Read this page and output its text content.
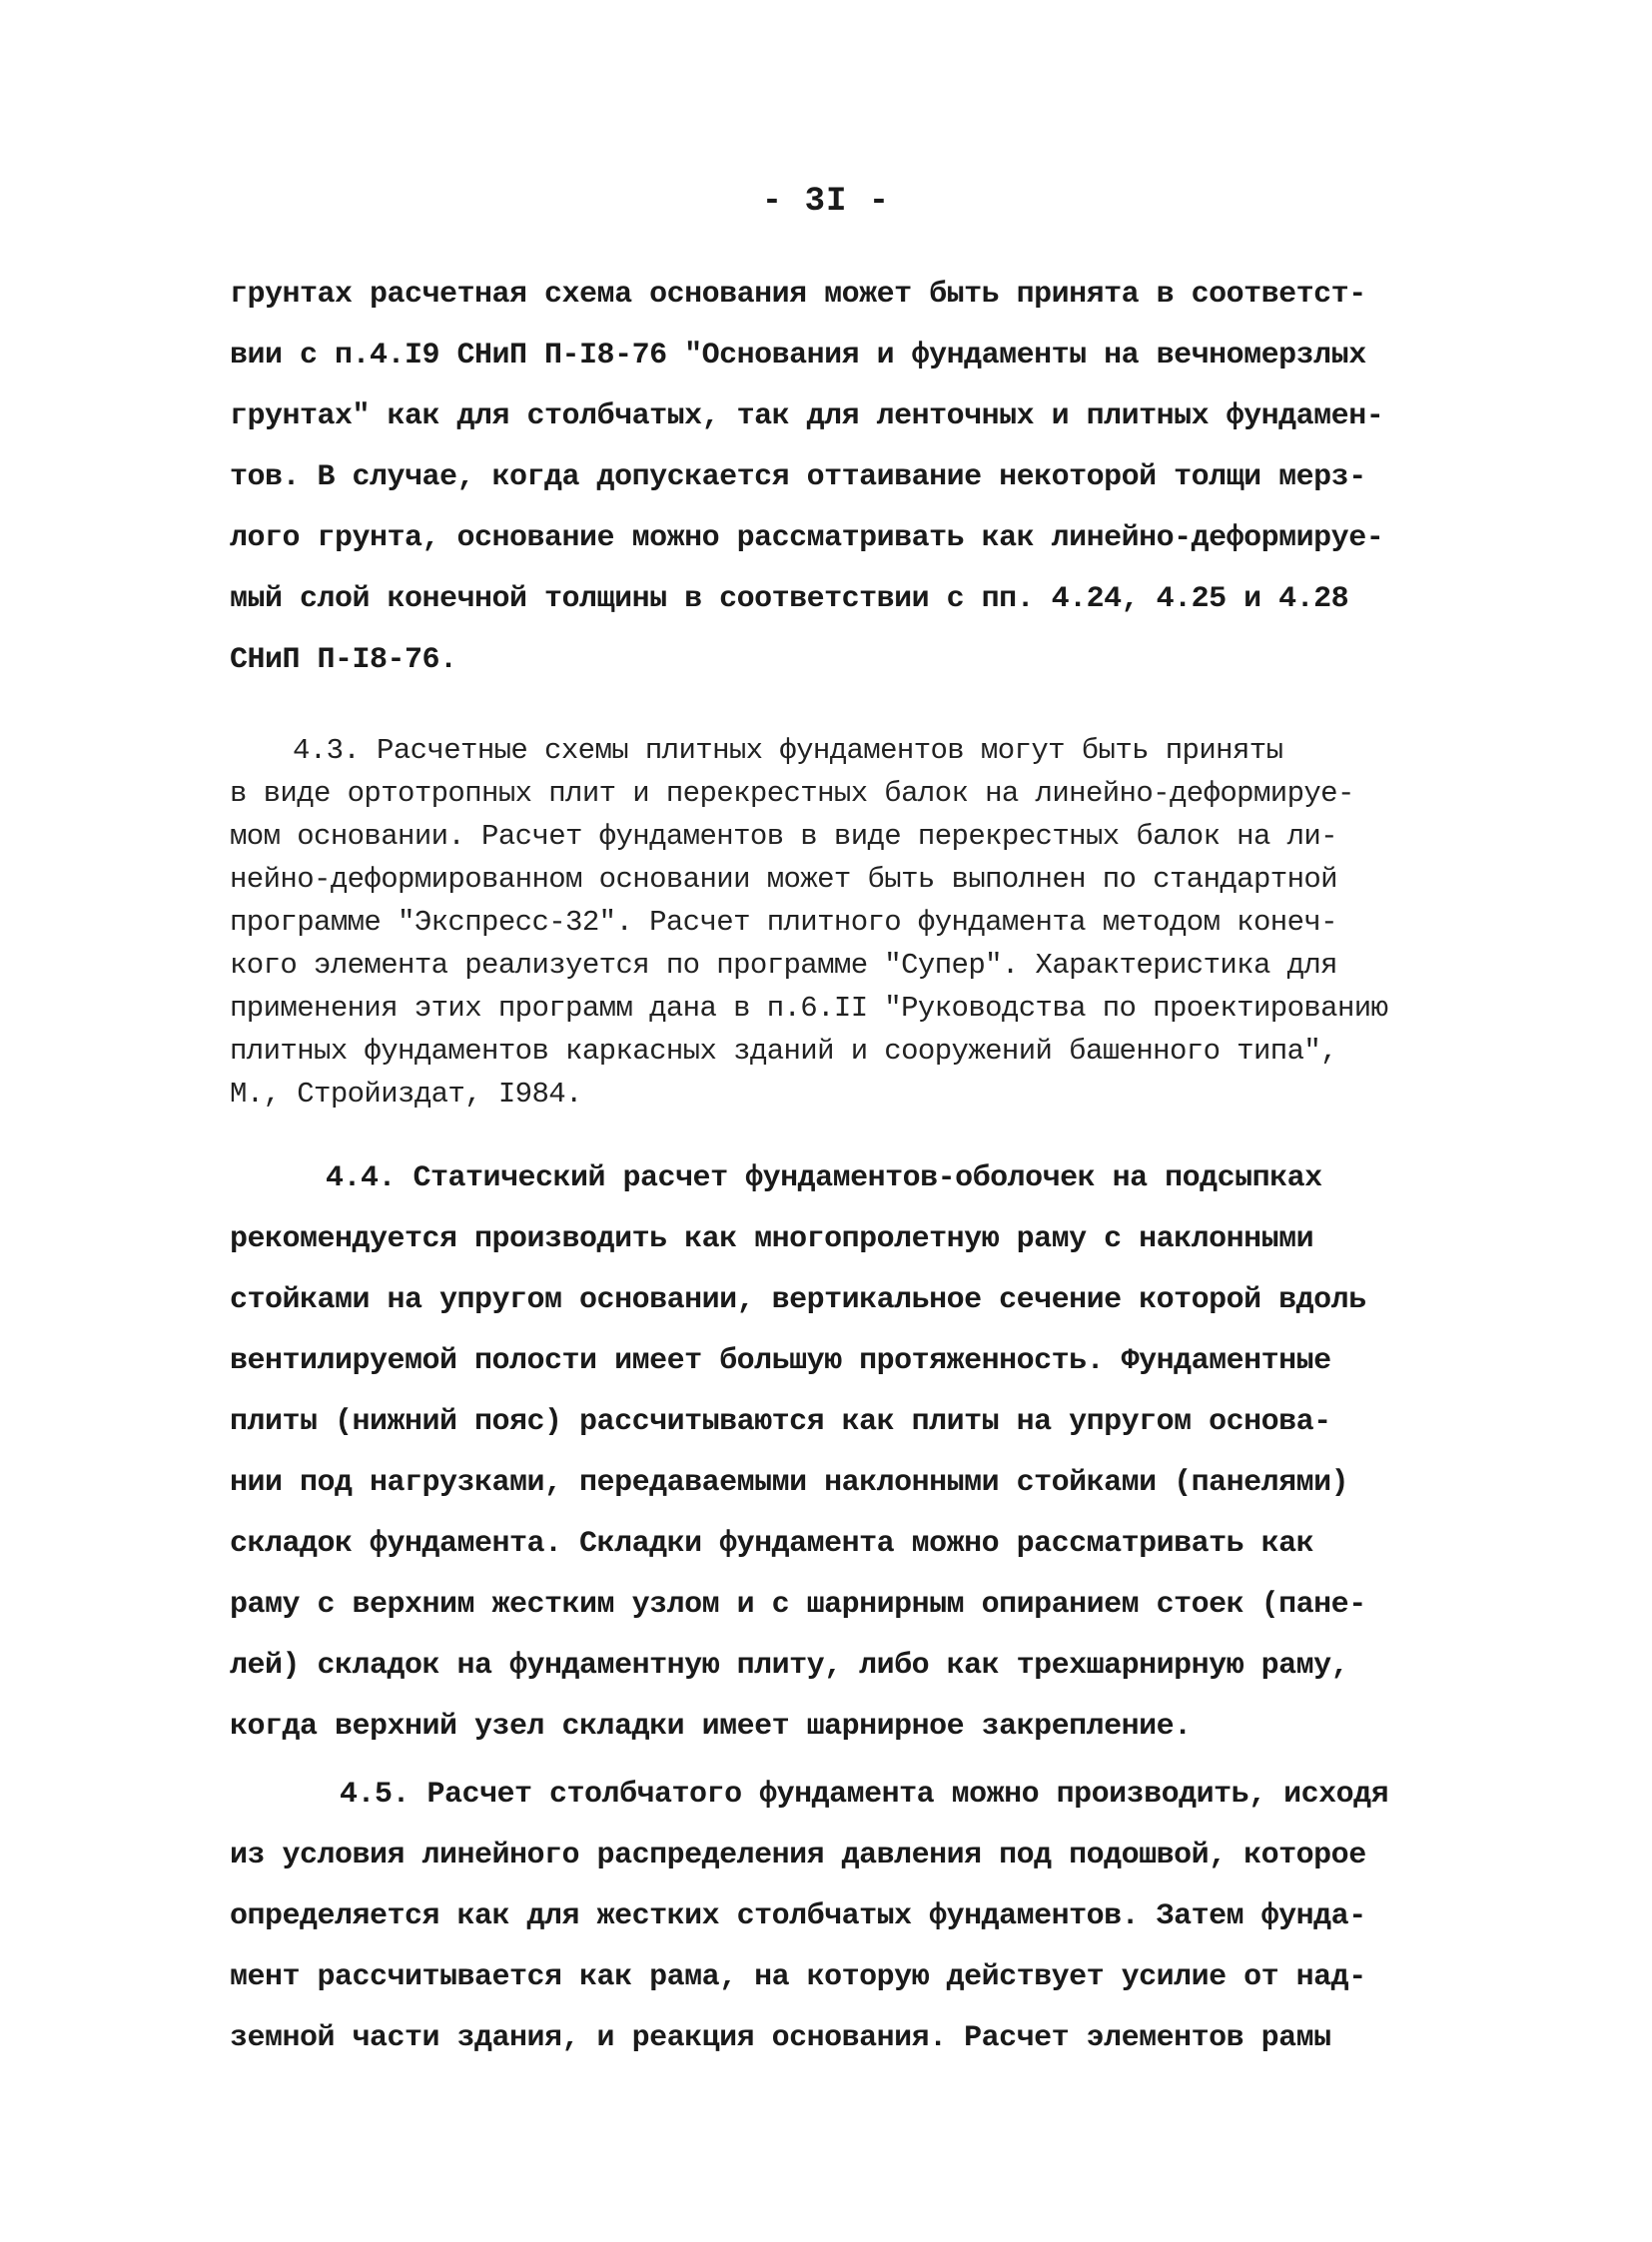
- 3I -
грунтах расчетная схема основания может быть принята в соответст-
вии с п.4.I9 СНиП П-I8-76 "Основания и фундаменты на вечномерзлых
грунтах" как для столбчатых, так для ленточных и плитных фундамен-
тов. В случае, когда допускается оттаивание некоторой толщи мерз-
лого грунта, основание можно рассматривать как линейно-деформируе-
мый слой конечной толщины в соответствии с пп. 4.24, 4.25 и 4.28
СНиП П-I8-76.
4.3. Расчетные схемы плитных фундаментов могут быть приняты
в виде ортотропных плит и перекрестных балок на линейно-деформируе-
мом основании. Расчет фундаментов в виде перекрестных балок на ли-
нейно-деформированном основании может быть выполнен по стандартной
программе "Экспресс-32". Расчет плитного фундамента методом конеч-
кого элемента реализуется по программе "Супер". Характеристика для
применения этих программ дана в п.6.II "Руководства по проектированию
плитных фундаментов каркасных зданий и сооружений башенного типа",
М., Стройиздат, I984.
4.4. Статический расчет фундаментов-оболочек на подсыпках
рекомендуется производить как многопролетную раму с наклонными
стойками на упругом основании, вертикальное сечение которой вдоль
вентилируемой полости имеет большую протяженность. Фундаментные
плиты (нижний пояс) рассчитываются как плиты на упругом основа-
нии под нагрузками, передаваемыми наклонными стойками (панелями)
складок фундамента. Складки фундамента можно рассматривать как
раму с верхним жестким узлом и с шарнирным опиранием стоек (пане-
лей) складок на фундаментную плиту, либо как трехшарнирную раму,
когда верхний узел складки имеет шарнирное закрепление.
4.5. Расчет столбчатого фундамента можно производить, исходя
из условия линейного распределения давления под подошвой, которое
определяется как для жестких столбчатых фундаментов. Затем фунда-
мент рассчитывается как рама, на которую действует усилие от над-
земной части здания, и реакция основания. Расчет элементов рамы
